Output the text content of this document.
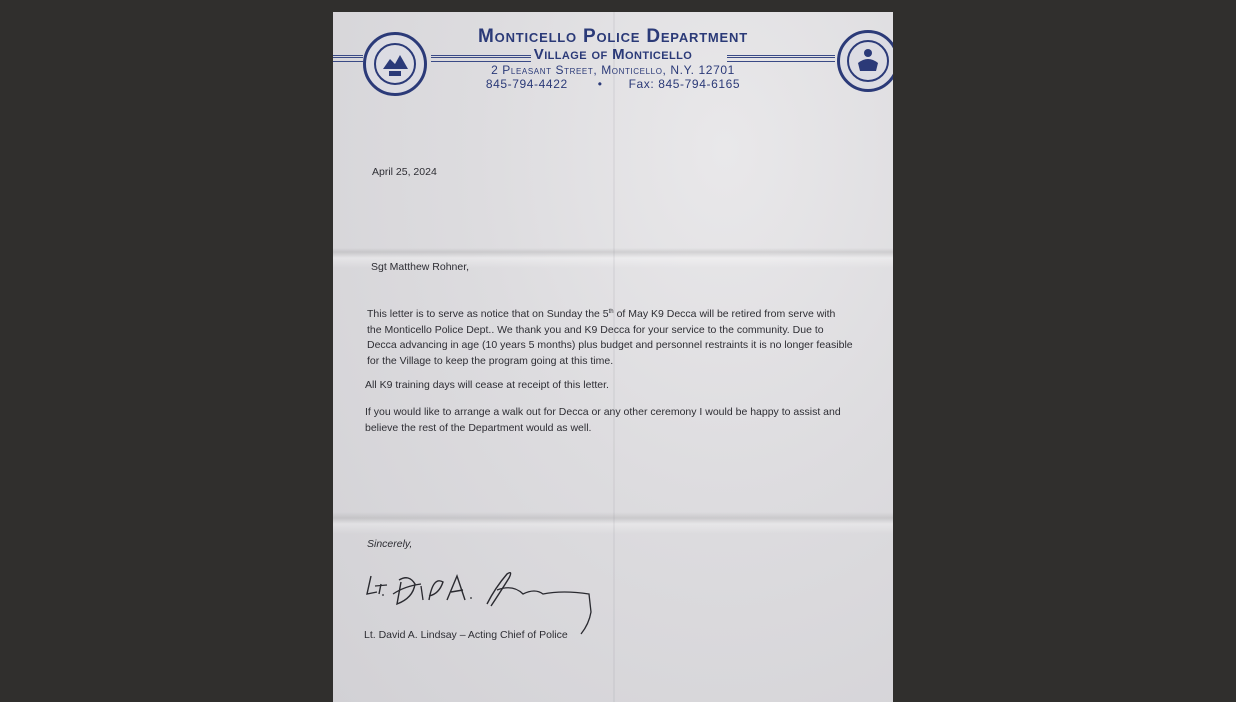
Monticello Police Department
Village of Monticello
2 Pleasant Street, Monticello, N.Y. 12701
845-794-4422	• Fax: 845-794-6165
April 25, 2024
Sgt Matthew Rohner,
This letter is to serve as notice that on Sunday the 5th of May K9 Decca will be retired from serve with
the Monticello Police Dept.. We thank you and K9 Decca for your service to the community. Due to
Decca advancing in age (10 years 5 months) plus budget and personnel restraints it is no longer feasible
for the Village to keep the program going at this time.
All K9 training days will cease at receipt of this letter.
If you would like to arrange a walk out for Decca or any other ceremony I would be happy to assist and
believe the rest of the Department would as well.
Sincerely,
Lt. David A. Lindsay – Acting Chief of Police
